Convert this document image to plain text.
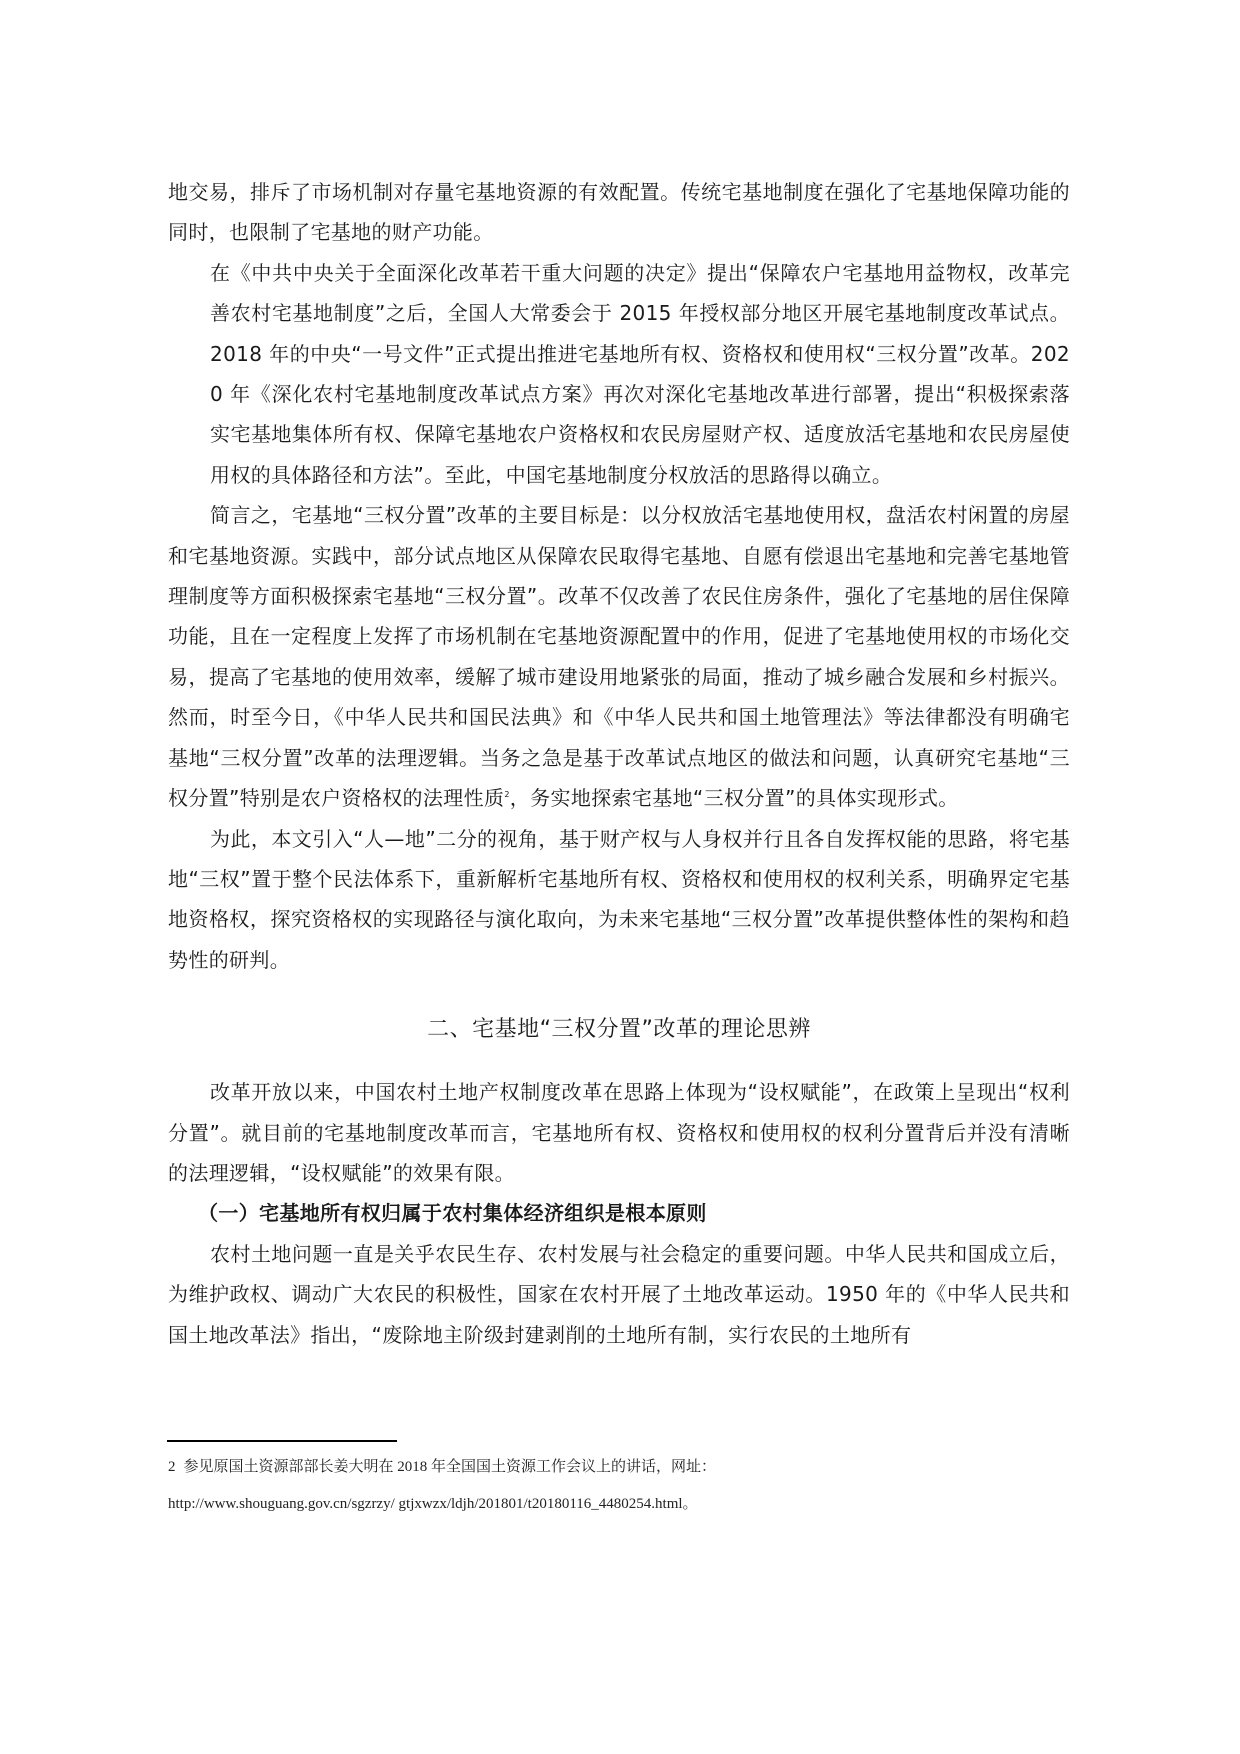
地交易，排斥了市场机制对存量宅基地资源的有效配置。传统宅基地制度在强化了宅基地保障功能的同时，也限制了宅基地的财产功能。

在《中共中央关于全面深化改革若干重大问题的决定》提出“保障农户宅基地用益物权，改革完善农村宅基地制度”之后，全国人大常委会于 2015 年授权部分地区开展宅基地制度改革试点。2018 年的中央“一号文件”正式提出推进宅基地所有权、资格权和使用权“三权分置”改革。2020 年《深化农村宅基地制度改革试点方案》再次对深化宅基地改革进行部署，提出“积极探索落实宅基地集体所有权、保障宅基地农户资格权和农民房屋财产权、适度放活宅基地和农民房屋使用权的具体路径和方法”。至此，中国宅基地制度分权放活的思路得以确立。

简言之，宅基地“三权分置”改革的主要目标是：以分权放活宅基地使用权，盘活农村闲置的房屋和宅基地资源。实践中，部分试点地区从保障农民取得宅基地、自愿有偿退出宅基地和完善宅基地管理制度等方面积极探索宅基地“三权分置”。改革不仅改善了农民住房条件，强化了宅基地的居住保障功能，且在一定程度上发挥了市场机制在宅基地资源配置中的作用，促进了宅基地使用权的市场化交易，提高了宅基地的使用效率，缓解了城市建设用地紧张的局面，推动了城乡融合发展和乡村振兴。然而，时至今日，《中华人民共和国民法典》和《中华人民共和国土地管理法》等法律都没有明确宅基地“三权分置”改革的法理逻辑。当务之急是基于改革试点地区的做法和问题，认真研究宅基地“三权分置”特别是农户资格权的法理性质$^2$，务实地探索宅基地“三权分置”的具体实现形式。

为此，本文引入“人—地”二分的视角，基于财产权与人身权并行且各自发挥权能的思路，将宅基地“三权”置于整个民法体系下，重新解析宅基地所有权、资格权和使用权的权利关系，明确界定宅基地资格权，探究资格权的实现路径与演化取向，为未来宅基地“三权分置”改革提供整体性的架构和趋势性的研判。

二、宅基地“三权分置”改革的理论思辨

改革开放以来，中国农村土地产权制度改革在思路上体现为“设权赋能”，在政策上呈现出“权利分置”。就目前的宅基地制度改革而言，宅基地所有权、资格权和使用权的权利分置背后并没有清晰的法理逻辑，“设权赋能”的效果有限。

（一）宅基地所有权归属于农村集体经济组织是根本原则

农村土地问题一直是关乎农民生存、农村发展与社会稳定的重要问题。中华人民共和国成立后，为维护政权、调动广大农民的积极性，国家在农村开展了土地改革运动。1950 年的《中华人民共和国土地改革法》指出，“废除地主阶级封建剥削的土地所有制，实行农民的土地所有

2 参见原国土资源部部长姜大明在 2018 年全国国土资源工作会议上的讲话，网址：

http://www.shouguang.gov.cn/sgzrzy/ gtjxwzx/ldjh/201801/t20180116_4480254.html。
